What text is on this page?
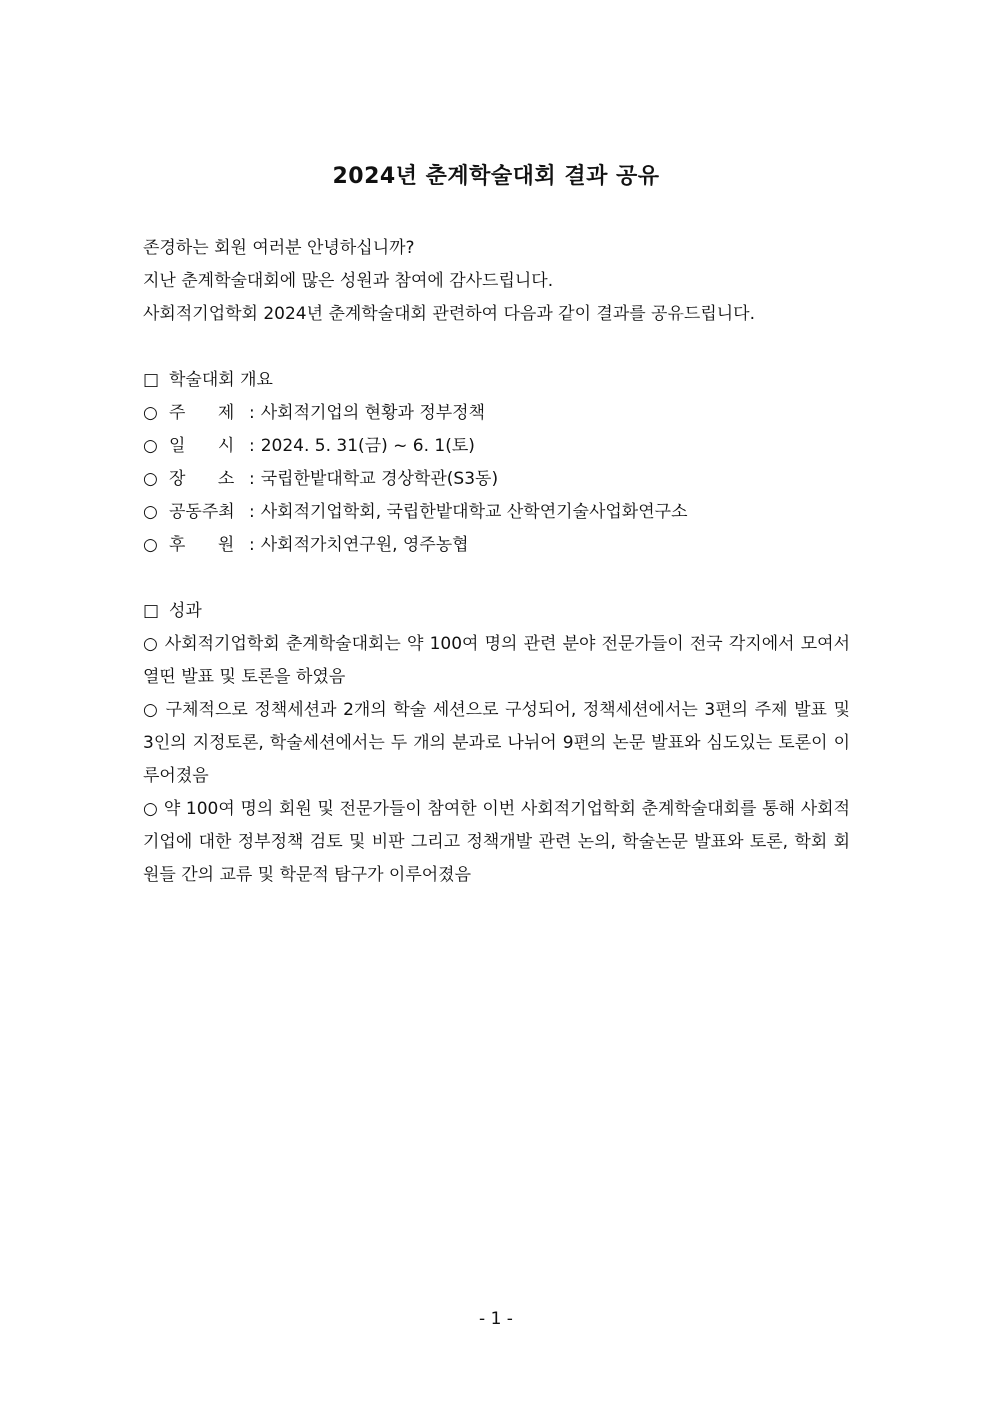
2024년 춘계학술대회 결과 공유
존경하는 회원 여러분 안녕하십니까?
지난 춘계학술대회에 많은 성원과 참여에 감사드립니다.
사회적기업학회 2024년 춘계학술대회 관련하여 다음과 같이 결과를 공유드립니다.
□ 학술대회 개요
○ 주      제 : 사회적기업의 현황과 정부정책
○ 일      시 : 2024. 5. 31(금) ~ 6. 1(토)
○ 장      소 : 국립한밭대학교 경상학관(S3동)
○ 공동주최 : 사회적기업학회, 국립한밭대학교 산학연기술사업화연구소
○ 후      원 : 사회적가치연구원, 영주농협
□ 성과
○ 사회적기업학회 춘계학술대회는 약 100여 명의 관련 분야 전문가들이 전국 각지에서 모여서 열띤 발표 및 토론을 하였음
○ 구체적으로 정책세션과 2개의 학술 세션으로 구성되어, 정책세션에서는 3편의 주제 발표 및 3인의 지정토론, 학술세션에서는 두 개의 분과로 나뉘어 9편의 논문 발표와 심도있는 토론이 이루어졌음
○ 약 100여 명의 회원 및 전문가들이 참여한 이번 사회적기업학회 춘계학술대회를 통해 사회적기업에 대한 정부정책 검토 및 비판 그리고 정책개발 관련 논의, 학술논문 발표와 토론, 학회 회원들 간의 교류 및 학문적 탐구가 이루어졌음
- 1 -
